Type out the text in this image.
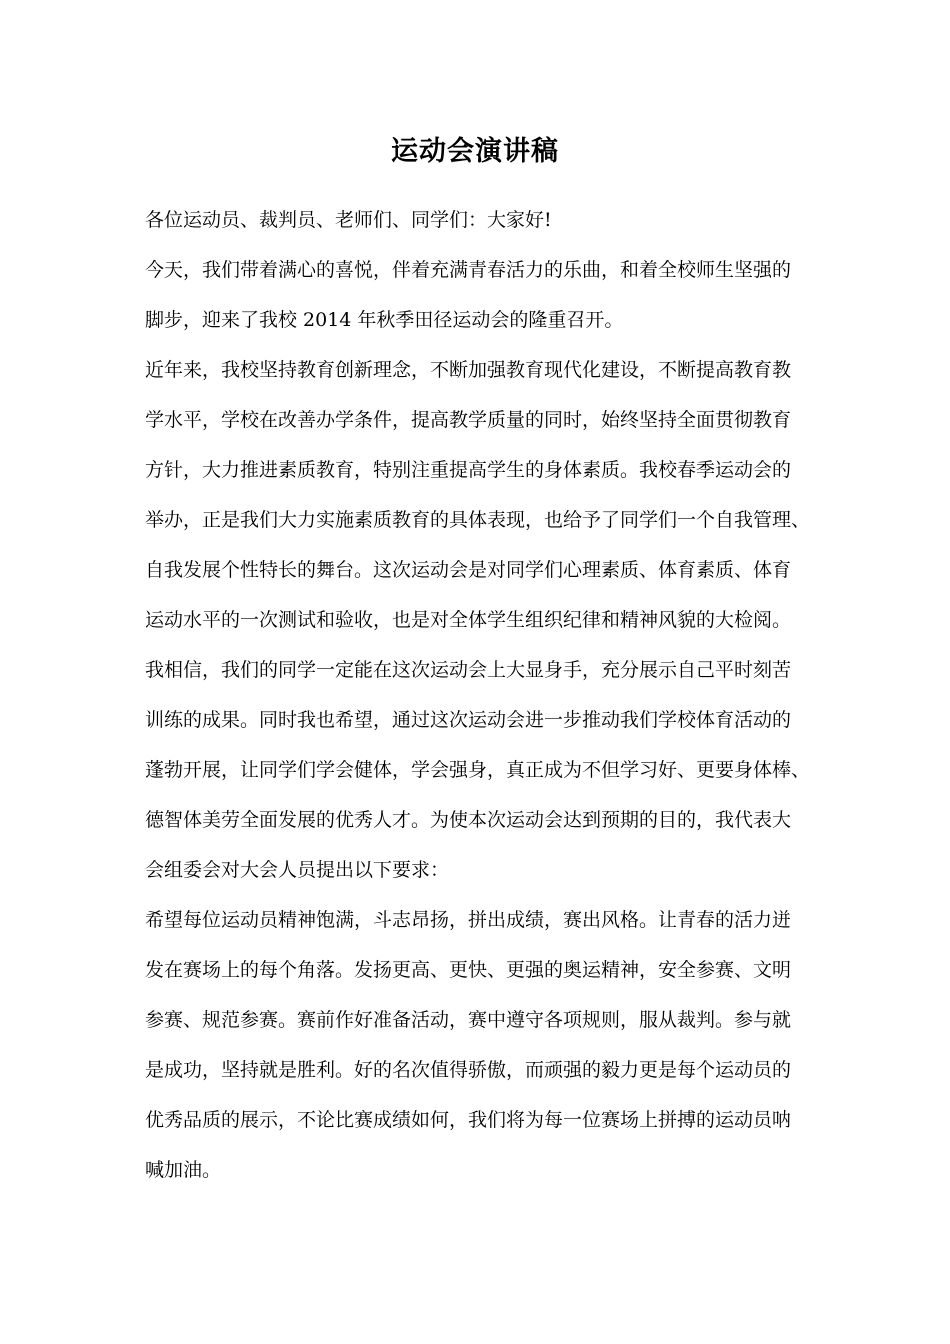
运动会演讲稿
各位运动员、裁判员、老师们、同学们：大家好!
今天，我们带着满心的喜悦，伴着充满青春活力的乐曲，和着全校师生坚强的
脚步，迎来了我校 2014 年秋季田径运动会的隆重召开。
近年来，我校坚持教育创新理念，不断加强教育现代化建设，不断提高教育教
学水平，学校在改善办学条件，提高教学质量的同时，始终坚持全面贯彻教育
方针，大力推进素质教育，特别注重提高学生的身体素质。我校春季运动会的
举办，正是我们大力实施素质教育的具体表现，也给予了同学们一个自我管理、
自我发展个性特长的舞台。这次运动会是对同学们心理素质、体育素质、体育
运动水平的一次测试和验收，也是对全体学生组织纪律和精神风貌的大检阅。
我相信，我们的同学一定能在这次运动会上大显身手，充分展示自己平时刻苦
训练的成果。同时我也希望，通过这次运动会进一步推动我们学校体育活动的
蓬勃开展，让同学们学会健体，学会强身，真正成为不但学习好、更要身体棒、
德智体美劳全面发展的优秀人才。为使本次运动会达到预期的目的，我代表大
会组委会对大会人员提出以下要求：
希望每位运动员精神饱满，斗志昂扬，拼出成绩，赛出风格。让青春的活力迸
发在赛场上的每个角落。发扬更高、更快、更强的奥运精神，安全参赛、文明
参赛、规范参赛。赛前作好准备活动，赛中遵守各项规则，服从裁判。参与就
是成功，坚持就是胜利。好的名次值得骄傲，而顽强的毅力更是每个运动员的
优秀品质的展示，不论比赛成绩如何，我们将为每一位赛场上拼搏的运动员呐
喊加油。
